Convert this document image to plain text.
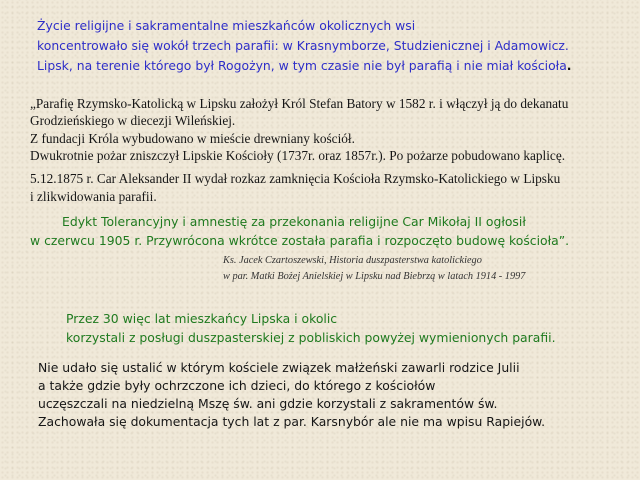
Życie religijne i sakramentalne mieszkańców okolicznych wsi
koncentrowało się wokół trzech parafii: w Krasnymborze, Studzienicznej i Adamowicz.
Lipsk, na terenie którego był Rogożyn, w tym czasie nie był parafią i nie miał kościoła.
„Parafię Rzymsko-Katolicką w Lipsku założył Król Stefan Batory w 1582 r. i włączył ją do dekanatu
Grodzieńskiego w diecezji Wileńskiej.
Z fundacji Króla wybudowano w mieście drewniany kościół.
Dwukrotnie pożar zniszczył Lipskie Kościoły (1737r. oraz 1857r.). Po pożarze pobudowano kaplicę.
5.12.1875 r. Car Aleksander II wydał rozkaz zamknięcia Kościoła Rzymsko-Katolickiego w Lipsku
i zlikwidowania parafii.
Edykt Tolerancyjny i amnestię za przekonania religijne Car Mikołaj II ogłosił
w czerwcu 1905 r. Przywrócona wkrótce została parafia i rozpoczęto budowę kościoła”.
Ks. Jacek Czartoszewski, Historia duszpasterstwa katolickiego
w par. Matki Bożej Anielskiej w Lipsku nad Biebrzą w latach 1914 - 1997
Przez 30 więc lat mieszkańcy Lipska i okolic
korzystali z posługi duszpasterskiej z pobliskich powyżej wymienionych parafii.
Nie udało się ustalić w którym kościele związek małżeński zawarli rodzice Julii
a także gdzie były ochrzczone ich dzieci, do którego z kościołów
uczęszczali na niedzielną Mszę św. ani gdzie korzystali z sakramentów św.
Zachowała się dokumentacja tych lat z par. Karsnybór ale nie ma wpisu Rapiejów.
